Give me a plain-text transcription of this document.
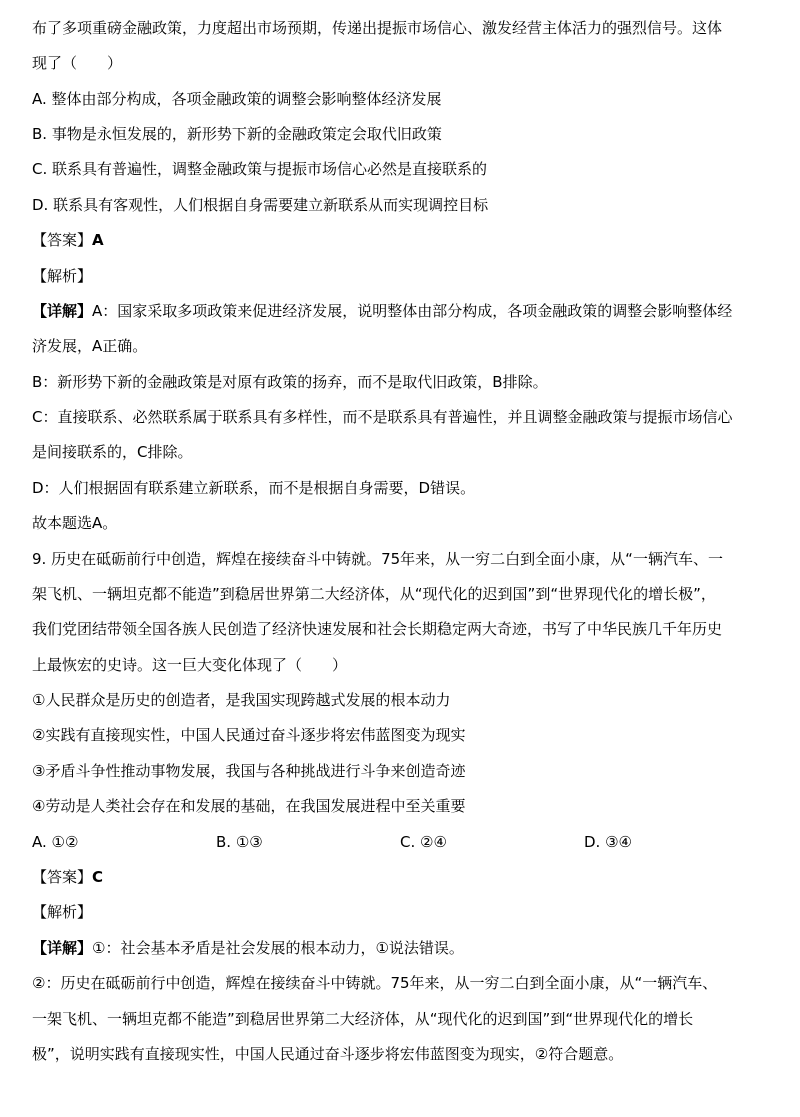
布了多项重磅金融政策，力度超出市场预期，传递出提振市场信心、激发经营主体活力的强烈信号。这体
现了（　　）
A. 整体由部分构成，各项金融政策的调整会影响整体经济发展
B. 事物是永恒发展的，新形势下新的金融政策定会取代旧政策
C. 联系具有普遍性，调整金融政策与提振市场信心必然是直接联系的
D. 联系具有客观性，人们根据自身需要建立新联系从而实现调控目标
【答案】A
【解析】
【详解】A：国家采取多项政策来促进经济发展，说明整体由部分构成，各项金融政策的调整会影响整体经
济发展，A正确。
B：新形势下新的金融政策是对原有政策的扬弃，而不是取代旧政策，B排除。
C：直接联系、必然联系属于联系具有多样性，而不是联系具有普遍性，并且调整金融政策与提振市场信心
是间接联系的，C排除。
D：人们根据固有联系建立新联系，而不是根据自身需要，D错误。
故本题选A。
9. 历史在砥砺前行中创造，辉煌在接续奋斗中铸就。75年来，从一穷二白到全面小康，从“一辆汽车、一
架飞机、一辆坦克都不能造”到稳居世界第二大经济体，从“现代化的迟到国”到“世界现代化的增长极”，
我们党团结带领全国各族人民创造了经济快速发展和社会长期稳定两大奇迹，书写了中华民族几千年历史
上最恢宏的史诗。这一巨大变化体现了（　　）
①人民群众是历史的创造者，是我国实现跨越式发展的根本动力
②实践有直接现实性，中国人民通过奋斗逐步将宏伟蓝图变为现实
③矛盾斗争性推动事物发展，我国与各种挑战进行斗争来创造奇迹
④劳动是人类社会存在和发展的基础，在我国发展进程中至关重要
A. ①②	B. ①③	C. ②④	D. ③④
【答案】C
【解析】
【详解】①：社会基本矛盾是社会发展的根本动力，①说法错误。
②：历史在砥砺前行中创造，辉煌在接续奋斗中铸就。75年来，从一穷二白到全面小康，从“一辆汽车、
一架飞机、一辆坦克都不能造”到稳居世界第二大经济体，从“现代化的迟到国”到“世界现代化的增长
极”，说明实践有直接现实性，中国人民通过奋斗逐步将宏伟蓝图变为现实，②符合题意。
